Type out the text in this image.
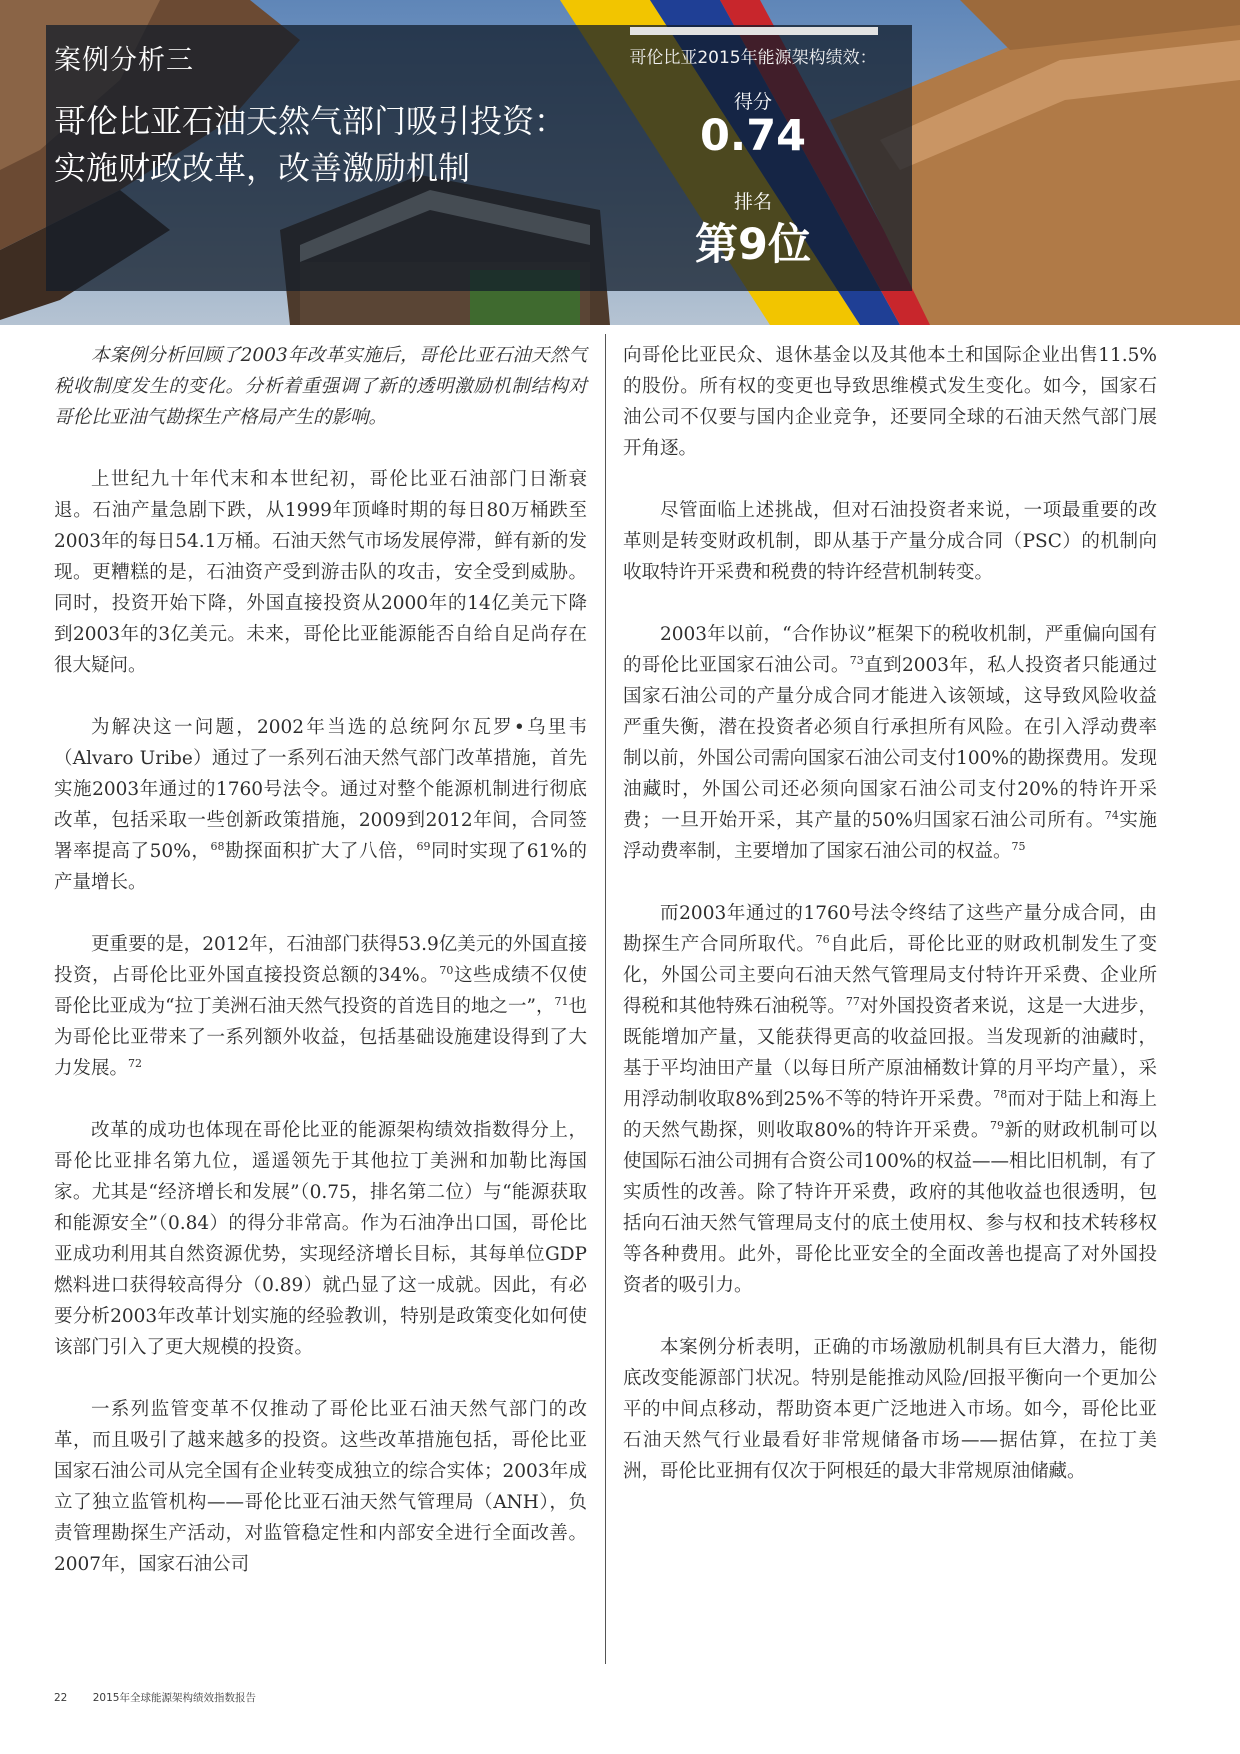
案例分析三
哥伦比亚石油天然气部门吸引投资：
实施财政改革，改善激励机制
哥伦比亚2015年能源架构绩效：
得分
0.74
排名
第9位

本案例分析回顾了2003年改革实施后，哥伦比亚石油天然气税收制度发生的变化。分析着重强调了新的透明激励机制结构对哥伦比亚油气勘探生产格局产生的影响。

上世纪九十年代末和本世纪初，哥伦比亚石油部门日渐衰退。石油产量急剧下跌，从1999年顶峰时期的每日80万桶跌至2003年的每日54.1万桶。石油天然气市场发展停滞，鲜有新的发现。更糟糕的是，石油资产受到游击队的攻击，安全受到威胁。同时，投资开始下降，外国直接投资从2000年的14亿美元下降到2003年的3亿美元。未来，哥伦比亚能源能否自给自足尚存在很大疑问。

为解决这一问题，2002年当选的总统阿尔瓦罗•乌里韦（Alvaro Uribe）通过了一系列石油天然气部门改革措施，首先实施2003年通过的1760号法令。通过对整个能源机制进行彻底改革，包括采取一些创新政策措施，2009到2012年间，合同签署率提高了50%，$^{68}$勘探面积扩大了八倍，$^{69}$同时实现了61%的产量增长。

更重要的是，2012年，石油部门获得53.9亿美元的外国直接投资，占哥伦比亚外国直接投资总额的34%。$^{70}$这些成绩不仅使哥伦比亚成为“拉丁美洲石油天然气投资的首选目的地之一”，$^{71}$也为哥伦比亚带来了一系列额外收益，包括基础设施建设得到了大力发展。$^{72}$

改革的成功也体现在哥伦比亚的能源架构绩效指数得分上，哥伦比亚排名第九位，遥遥领先于其他拉丁美洲和加勒比海国家。尤其是“经济增长和发展”（0.75，排名第二位）与“能源获取和能源安全”（0.84）的得分非常高。作为石油净出口国，哥伦比亚成功利用其自然资源优势，实现经济增长目标，其每单位GDP燃料进口获得较高得分（0.89）就凸显了这一成就。因此，有必要分析2003年改革计划实施的经验教训，特别是政策变化如何使该部门引入了更大规模的投资。

一系列监管变革不仅推动了哥伦比亚石油天然气部门的改革，而且吸引了越来越多的投资。这些改革措施包括，哥伦比亚国家石油公司从完全国有企业转变成独立的综合实体；2003年成立了独立监管机构——哥伦比亚石油天然气管理局（ANH），负责管理勘探生产活动，对监管稳定性和内部安全进行全面改善。2007年，国家石油公司

向哥伦比亚民众、退休基金以及其他本土和国际企业出售11.5%的股份。所有权的变更也导致思维模式发生变化。如今，国家石油公司不仅要与国内企业竞争，还要同全球的石油天然气部门展开角逐。

尽管面临上述挑战，但对石油投资者来说，一项最重要的改革则是转变财政机制，即从基于产量分成合同（PSC）的机制向收取特许开采费和税费的特许经营机制转变。

2003年以前，“合作协议”框架下的税收机制，严重偏向国有的哥伦比亚国家石油公司。$^{73}$直到2003年，私人投资者只能通过国家石油公司的产量分成合同才能进入该领域，这导致风险收益严重失衡，潜在投资者必须自行承担所有风险。在引入浮动费率制以前，外国公司需向国家石油公司支付100%的勘探费用。发现油藏时，外国公司还必须向国家石油公司支付20%的特许开采费；一旦开始开采，其产量的50%归国家石油公司所有。$^{74}$实施浮动费率制，主要增加了国家石油公司的权益。$^{75}$

而2003年通过的1760号法令终结了这些产量分成合同，由勘探生产合同所取代。$^{76}$自此后，哥伦比亚的财政机制发生了变化，外国公司主要向石油天然气管理局支付特许开采费、企业所得税和其他特殊石油税等。$^{77}$对外国投资者来说，这是一大进步，既能增加产量，又能获得更高的收益回报。当发现新的油藏时，基于平均油田产量（以每日所产原油桶数计算的月平均产量），采用浮动制收取8%到25%不等的特许开采费。$^{78}$而对于陆上和海上的天然气勘探，则收取80%的特许开采费。$^{79}$新的财政机制可以使国际石油公司拥有合资公司100%的权益——相比旧机制，有了实质性的改善。除了特许开采费，政府的其他收益也很透明，包括向石油天然气管理局支付的底土使用权、参与权和技术转移权等各种费用。此外，哥伦比亚安全的全面改善也提高了对外国投资者的吸引力。

本案例分析表明，正确的市场激励机制具有巨大潜力，能彻底改变能源部门状况。特别是能推动风险/回报平衡向一个更加公平的中间点移动，帮助资本更广泛地进入市场。如今，哥伦比亚石油天然气行业最看好非常规储备市场——据估算，在拉丁美洲，哥伦比亚拥有仅次于阿根廷的最大非常规原油储藏。

22 2015年全球能源架构绩效指数报告
